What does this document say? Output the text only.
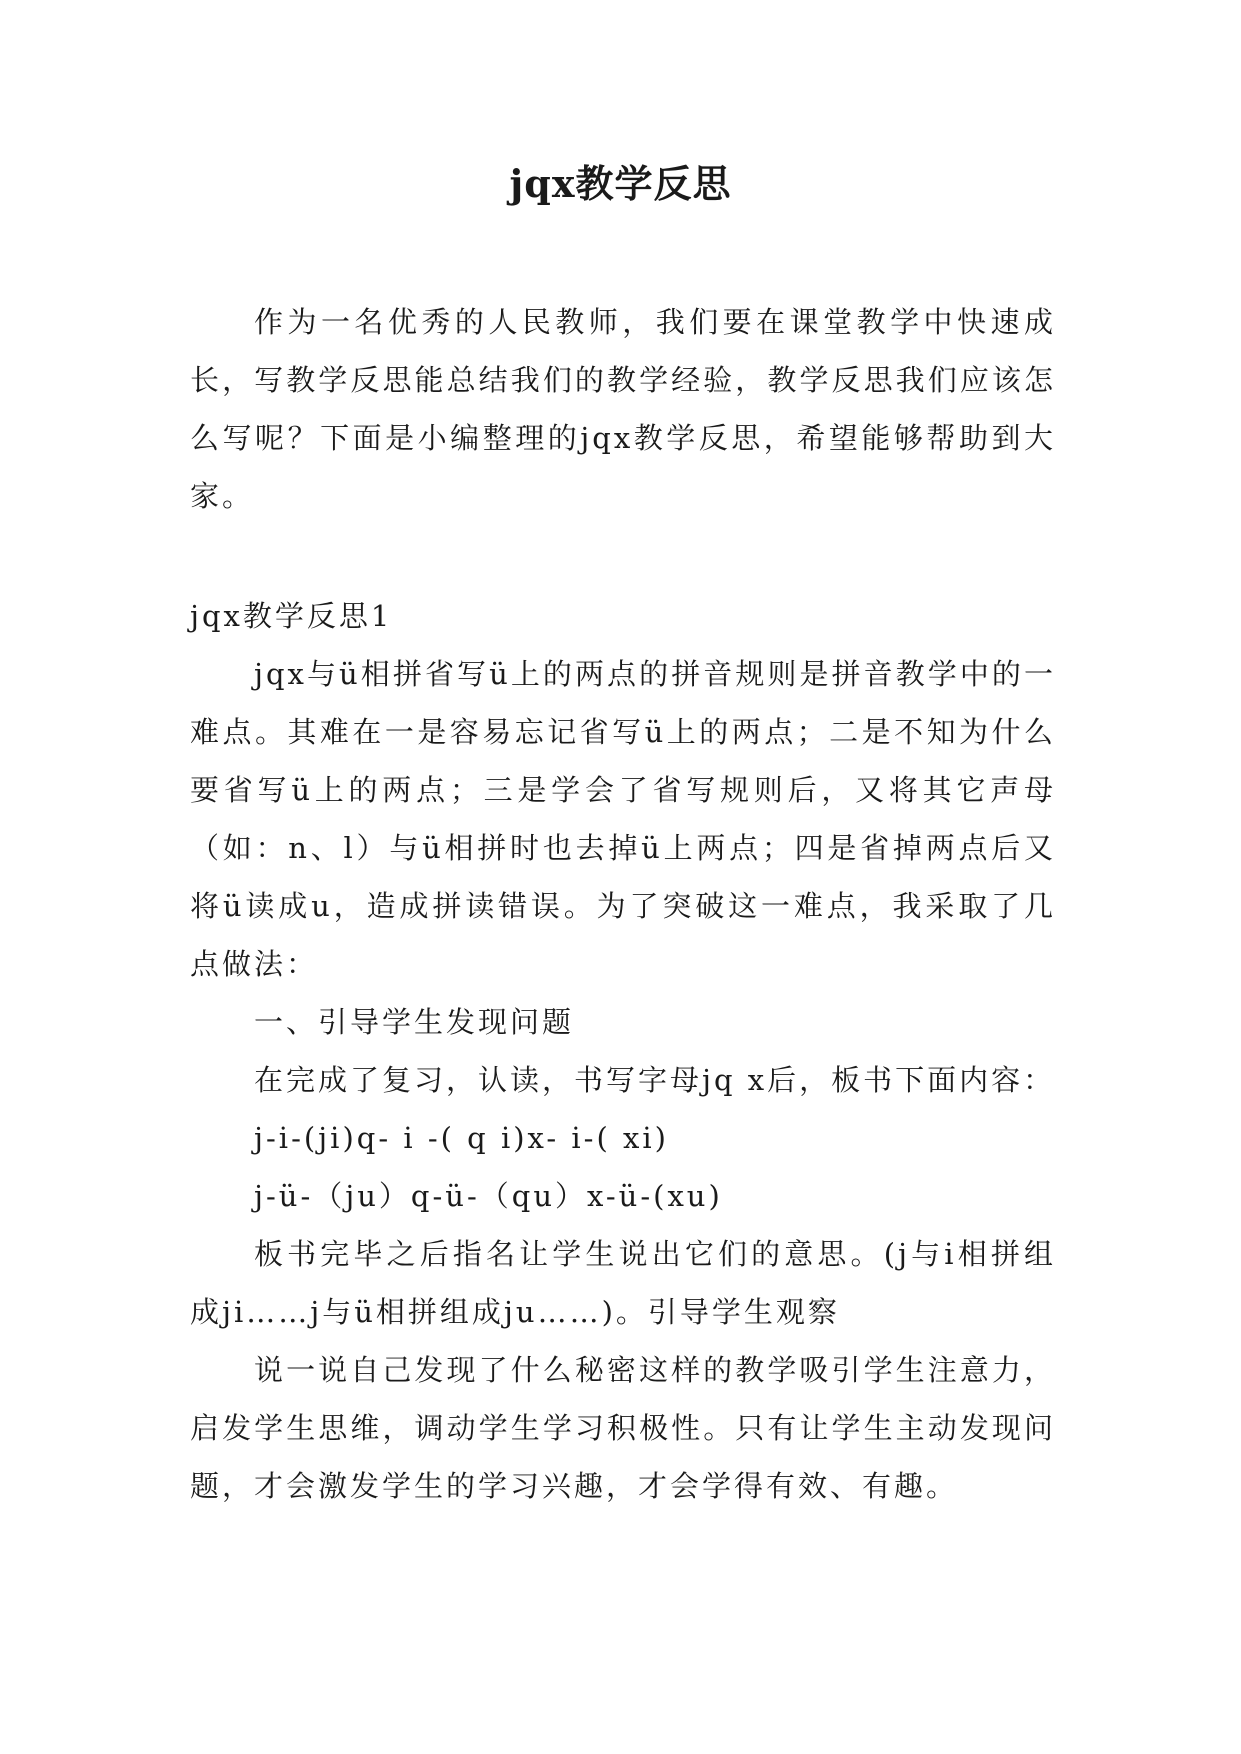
jqx教学反思

作为一名优秀的人民教师，我们要在课堂教学中快速成长，写教学反思能总结我们的教学经验，教学反思我们应该怎么写呢？下面是小编整理的jqx教学反思，希望能够帮助到大家。

jqx教学反思1

jqx与ü相拼省写ü上的两点的拼音规则是拼音教学中的一难点。其难在一是容易忘记省写ü上的两点；二是不知为什么要省写ü上的两点；三是学会了省写规则后，又将其它声母（如：n、l）与ü相拼时也去掉ü上两点；四是省掉两点后又将ü读成u，造成拼读错误。为了突破这一难点，我采取了几点做法：

一、引导学生发现问题

在完成了复习，认读，书写字母jq x后，板书下面内容：

j-i-(ji)q- i -( q i)x- i-( xi)

j-ü-（ju）q-ü-（qu）x-ü-(xu)

板书完毕之后指名让学生说出它们的意思。(j与i相拼组成ji……j与ü相拼组成ju……)。引导学生观察

说一说自己发现了什么秘密这样的教学吸引学生注意力，启发学生思维，调动学生学习积极性。只有让学生主动发现问题，才会激发学生的学习兴趣，才会学得有效、有趣。
